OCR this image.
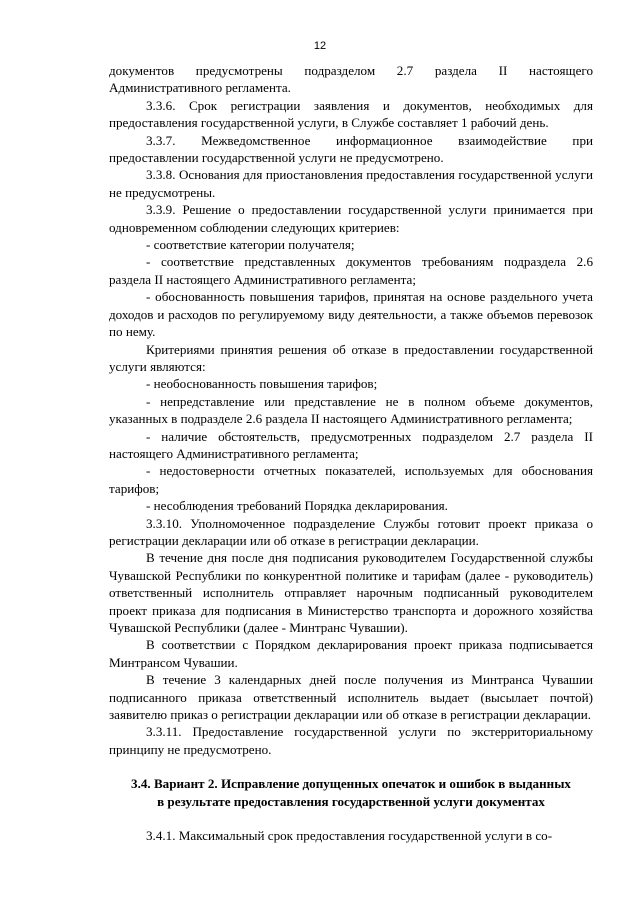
12

документов предусмотрены подразделом 2.7 раздела II настоящего Административного регламента.

3.3.6. Срок регистрации заявления и документов, необходимых для предоставления государственной услуги, в Службе составляет 1 рабочий день.

3.3.7. Межведомственное информационное взаимодействие при предоставлении государственной услуги не предусмотрено.

3.3.8. Основания для приостановления предоставления государственной услуги не предусмотрены.

3.3.9. Решение о предоставлении государственной услуги принимается при одновременном соблюдении следующих критериев:

- соответствие категории получателя;

- соответствие представленных документов требованиям подраздела 2.6 раздела II настоящего Административного регламента;

- обоснованность повышения тарифов, принятая на основе раздельного учета доходов и расходов по регулируемому виду деятельности, а также объемов перевозок по нему.

Критериями принятия решения об отказе в предоставлении государственной услуги являются:

- необоснованность повышения тарифов;

- непредставление или представление не в полном объеме документов, указанных в подразделе 2.6 раздела II настоящего Административного регламента;

- наличие обстоятельств, предусмотренных подразделом 2.7 раздела II настоящего Административного регламента;

- недостоверности отчетных показателей, используемых для обоснования тарифов;

- несоблюдения требований Порядка декларирования.

3.3.10. Уполномоченное подразделение Службы готовит проект приказа о регистрации декларации или об отказе в регистрации декларации.

В течение дня после дня подписания руководителем Государственной службы Чувашской Республики по конкурентной политике и тарифам (далее - руководитель) ответственный исполнитель отправляет нарочным подписанный руководителем проект приказа для подписания в Министерство транспорта и дорожного хозяйства Чувашской Республики (далее - Минтранс Чувашии).

В соответствии с Порядком декларирования проект приказа подписывается Минтрансом Чувашии.

В течение 3 календарных дней после получения из Минтранса Чувашии подписанного приказа ответственный исполнитель выдает (высылает почтой) заявителю приказ о регистрации декларации или об отказе в регистрации декларации.

3.3.11. Предоставление государственной услуги по экстерриториальному принципу не предусмотрено.

3.4. Вариант 2. Исправление допущенных опечаток и ошибок в выданных в результате предоставления государственной услуги документах

3.4.1. Максимальный срок предоставления государственной услуги в со-
